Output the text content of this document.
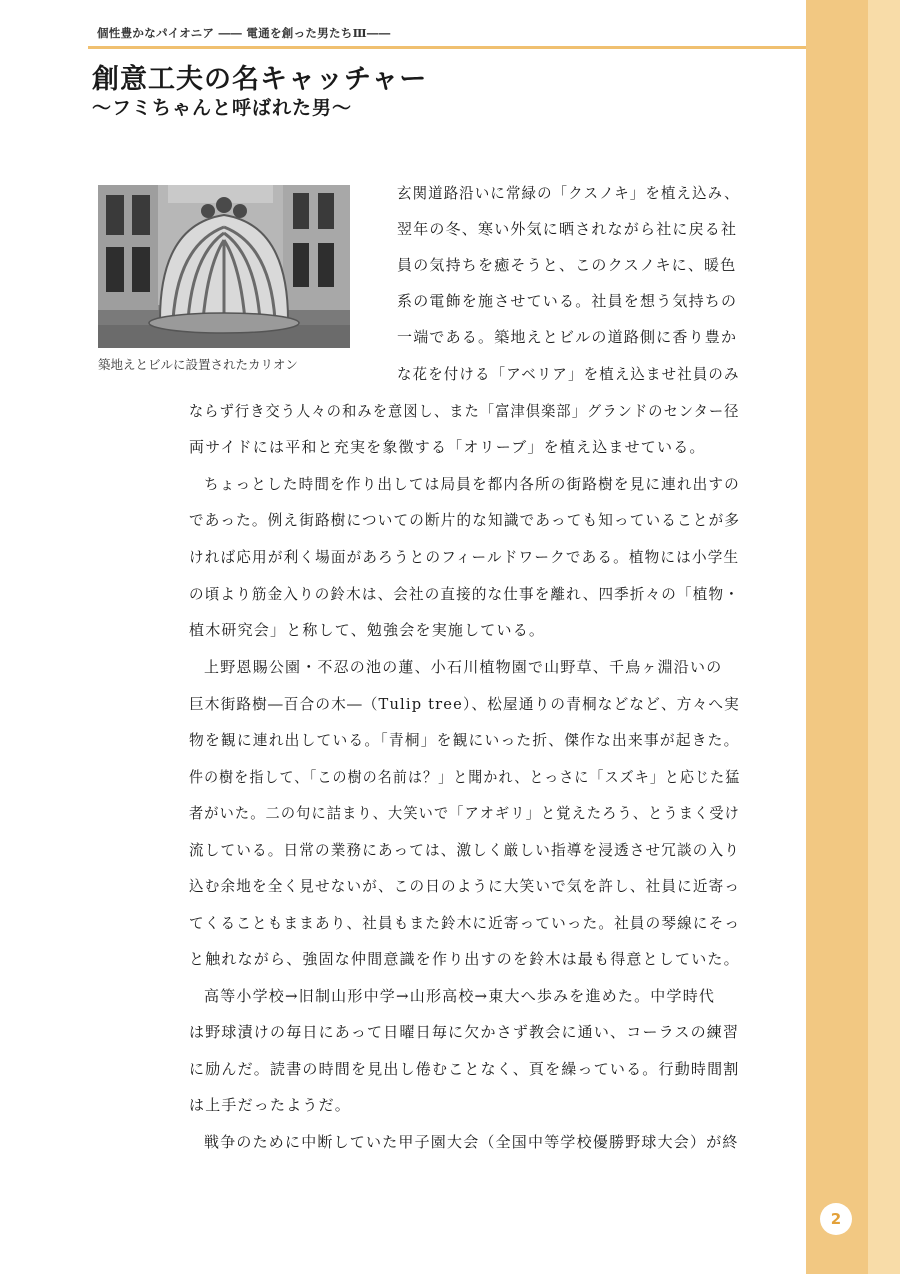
個性豊かなパイオニア ―― 電通を創った男たちⅢ――
創意工夫の名キャッチャー
〜フミちゃんと呼ばれた男〜
築地えとビルに設置されたカリオン
玄関道路沿いに常緑の「クスノキ」を植え込み、
翌年の冬、寒い外気に晒されながら社に戻る社
員の気持ちを癒そうと、このクスノキに、暖色
系の電飾を施させている。社員を想う気持ちの
一端である。築地えとビルの道路側に香り豊か
な花を付ける「アベリア」を植え込ませ社員のみ
ならず行き交う人々の和みを意図し、また「富津倶楽部」グランドのセンター径
両サイドには平和と充実を象徴する「オリーブ」を植え込ませている。
ちょっとした時間を作り出しては局員を都内各所の街路樹を見に連れ出すの
であった。例え街路樹についての断片的な知識であっても知っていることが多
ければ応用が利く場面があろうとのフィールドワークである。植物には小学生
の頃より筋金入りの鈴木は、会社の直接的な仕事を離れ、四季折々の「植物・
植木研究会」と称して、勉強会を実施している。
上野恩賜公園・不忍の池の蓮、小石川植物園で山野草、千鳥ヶ淵沿いの
巨木街路樹―百合の木―（Tulip tree）、松屋通りの青桐などなど、方々へ実
物を観に連れ出している。「青桐」を観にいった折、傑作な出来事が起きた。
件の樹を指して、「この樹の名前は？」と聞かれ、とっさに「スズキ」と応じた猛
者がいた。二の句に詰まり、大笑いで「アオギリ」と覚えたろう、とうまく受け
流している。日常の業務にあっては、激しく厳しい指導を浸透させ冗談の入り
込む余地を全く見せないが、この日のように大笑いで気を許し、社員に近寄っ
てくることもままあり、社員もまた鈴木に近寄っていった。社員の琴線にそっ
と触れながら、強固な仲間意識を作り出すのを鈴木は最も得意としていた。
高等小学校→旧制山形中学→山形高校→東大へ歩みを進めた。中学時代
は野球漬けの毎日にあって日曜日毎に欠かさず教会に通い、コーラスの練習
に励んだ。読書の時間を見出し倦むことなく、頁を繰っている。行動時間割
は上手だったようだ。
戦争のために中断していた甲子園大会（全国中等学校優勝野球大会）が終
2
